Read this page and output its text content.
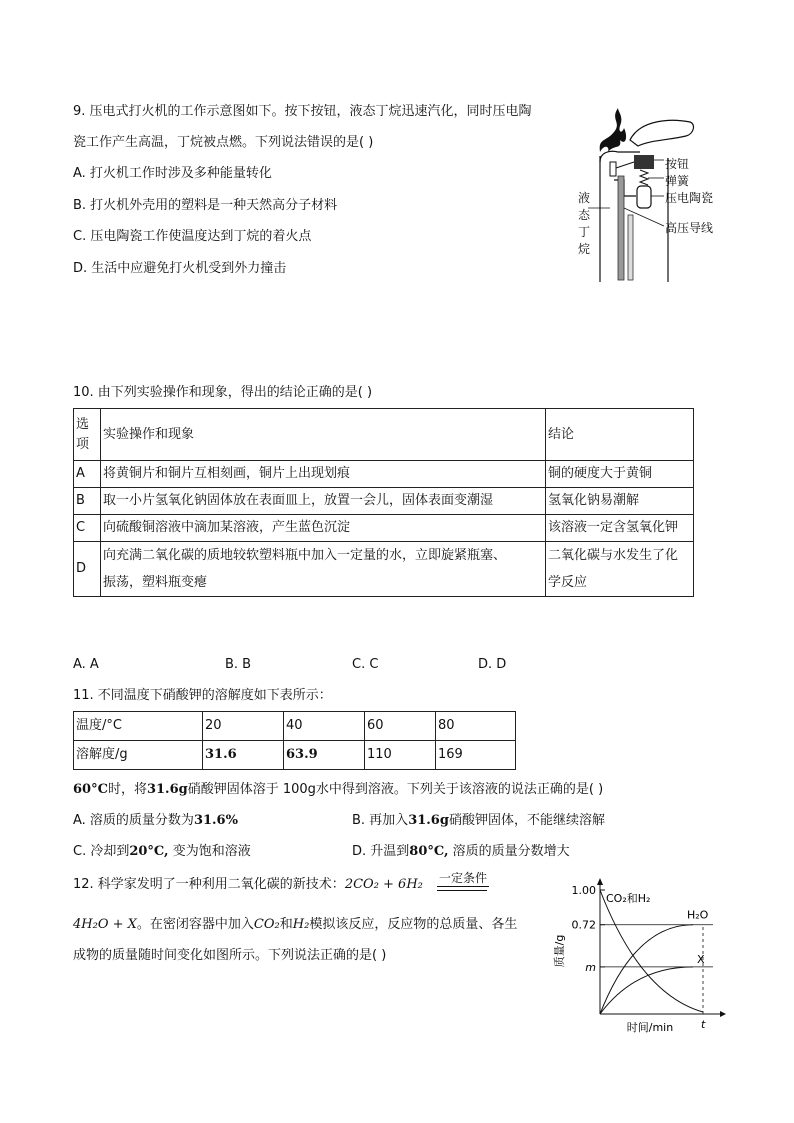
9. 压电式打火机的工作示意图如下。按下按钮，液态丁烷迅速汽化，同时压电陶
瓷工作产生高温，丁烷被点燃。下列说法错误的是( )
A. 打火机工作时涉及多种能量转化
B. 打火机外壳用的塑料是一种天然高分子材料
C. 压电陶瓷工作使温度达到丁烷的着火点
D. 生活中应避免打火机受到外力撞击
按钮
弹簧
压电陶瓷
高压导线
液
态
丁
烷
10. 由下列实验操作和现象，得出的结论正确的是( )
选
项	实验操作和现象	结论
A	将黄铜片和铜片互相刻画，铜片上出现划痕	铜的硬度大于黄铜
B	取一小片氢氧化钠固体放在表面皿上，放置一会儿，固体表面变潮湿	氢氧化钠易潮解
C	向硫酸铜溶液中滴加某溶液，产生蓝色沉淀	该溶液一定含氢氧化钾
D	向充满二氧化碳的质地较软塑料瓶中加入一定量的水，立即旋紧瓶塞、
振荡，塑料瓶变瘪	二氧化碳与水发生了化
学反应
A. A	B. B	C. C	D. D
11. 不同温度下硝酸钾的溶解度如下表所示：
温度/°C	20	40	60	80
溶解度/g	31.6	63.9	110	169
60°C时，将31.6g硝酸钾固体溶于 100g水中得到溶液。下列关于该溶液的说法正确的是( )
A. 溶质的质量分数为31.6%	B. 再加入31.6g硝酸钾固体，不能继续溶解
C. 冷却到20°C, 变为饱和溶液	D. 升温到80°C, 溶质的质量分数增大
12. 科学家发明了一种利用二氧化碳的新技术：2CO₂ + 6H₂ 一定条件
4H₂O + X。在密闭容器中加入CO₂和H₂模拟该反应，反应物的总质量、各生
成物的质量随时间变化如图所示。下列说法正确的是( )
1.00
0.72
m
CO₂和H₂
H₂O
X
质量/g
时间/min	t
